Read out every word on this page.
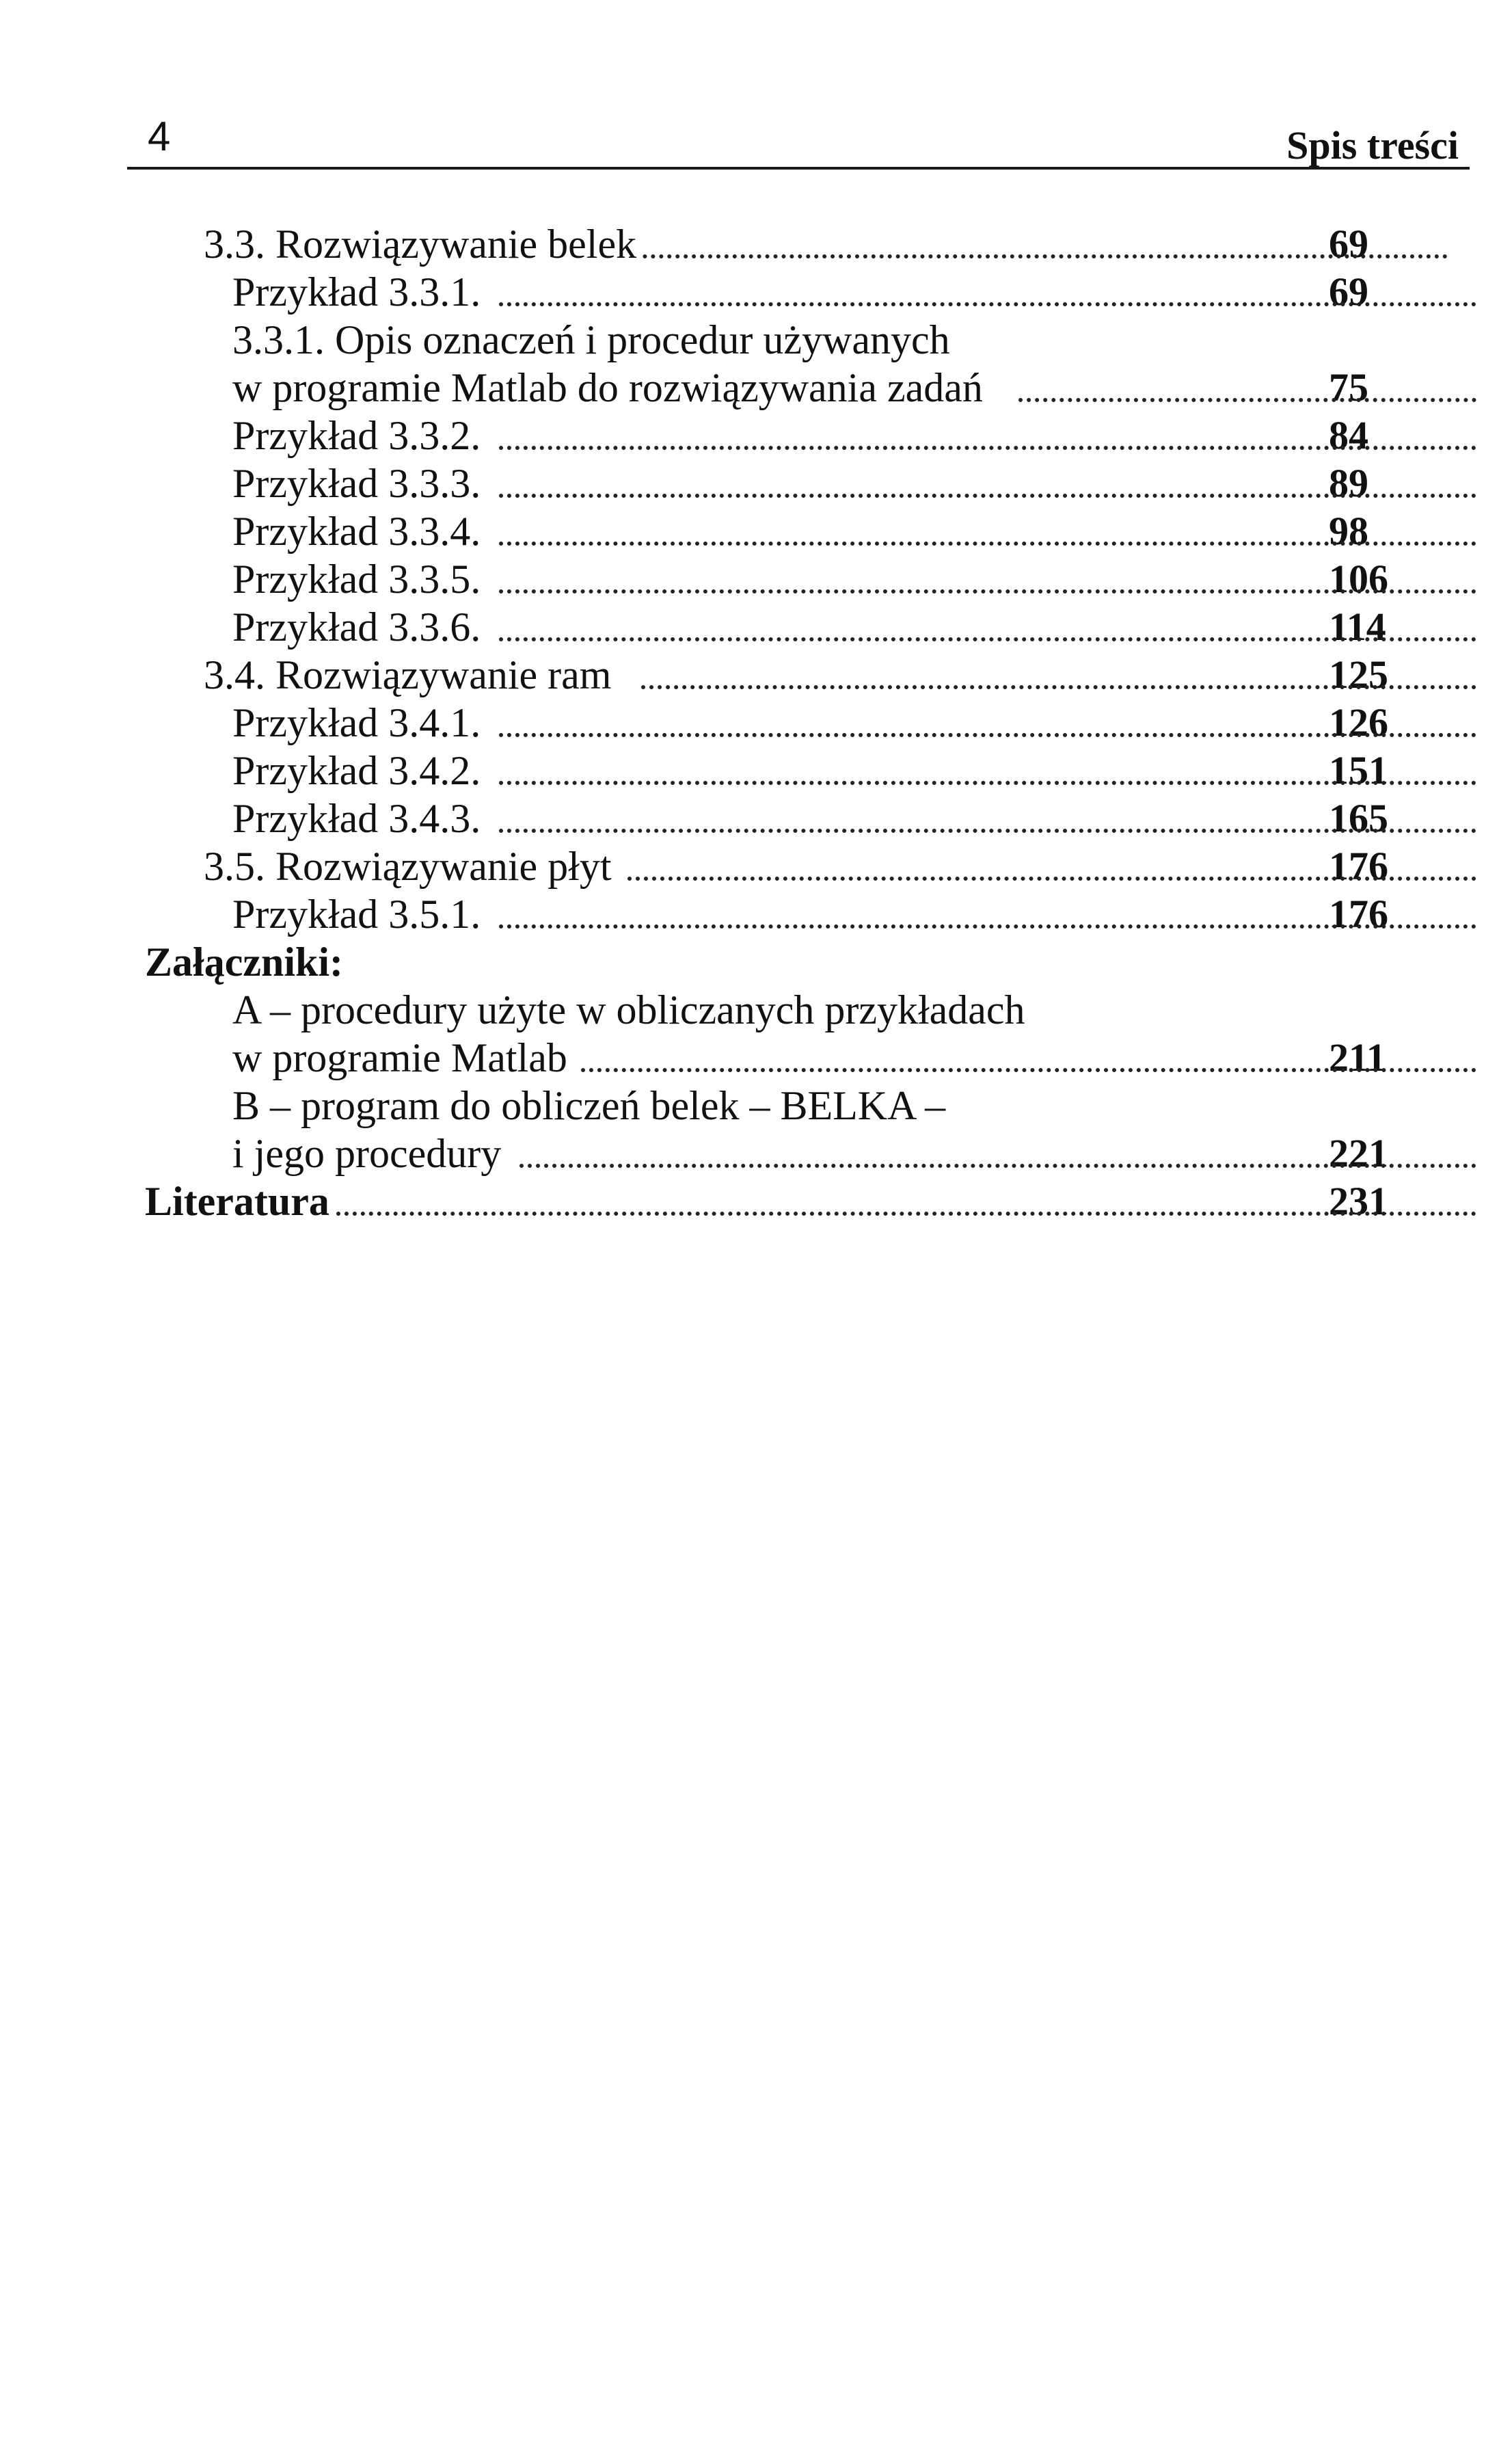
4	Spis treści
3.3. Rozwiązywanie belek	69
Przykład 3.3.1.	69
3.3.1. Opis oznaczeń i procedur używanych
w programie Matlab do rozwiązywania zadań	75
Przykład 3.3.2.	84
Przykład 3.3.3.	89
Przykład 3.3.4.	98
Przykład 3.3.5.	106
Przykład 3.3.6.	114
3.4. Rozwiązywanie ram	125
Przykład 3.4.1.	126
Przykład 3.4.2.	151
Przykład 3.4.3.	165
3.5. Rozwiązywanie płyt	176
Przykład 3.5.1.	176
Załączniki:
A – procedury użyte w obliczanych przykładach
w programie Matlab	211
B – program do obliczeń belek – BELKA –
i jego procedury	221
Literatura	231
